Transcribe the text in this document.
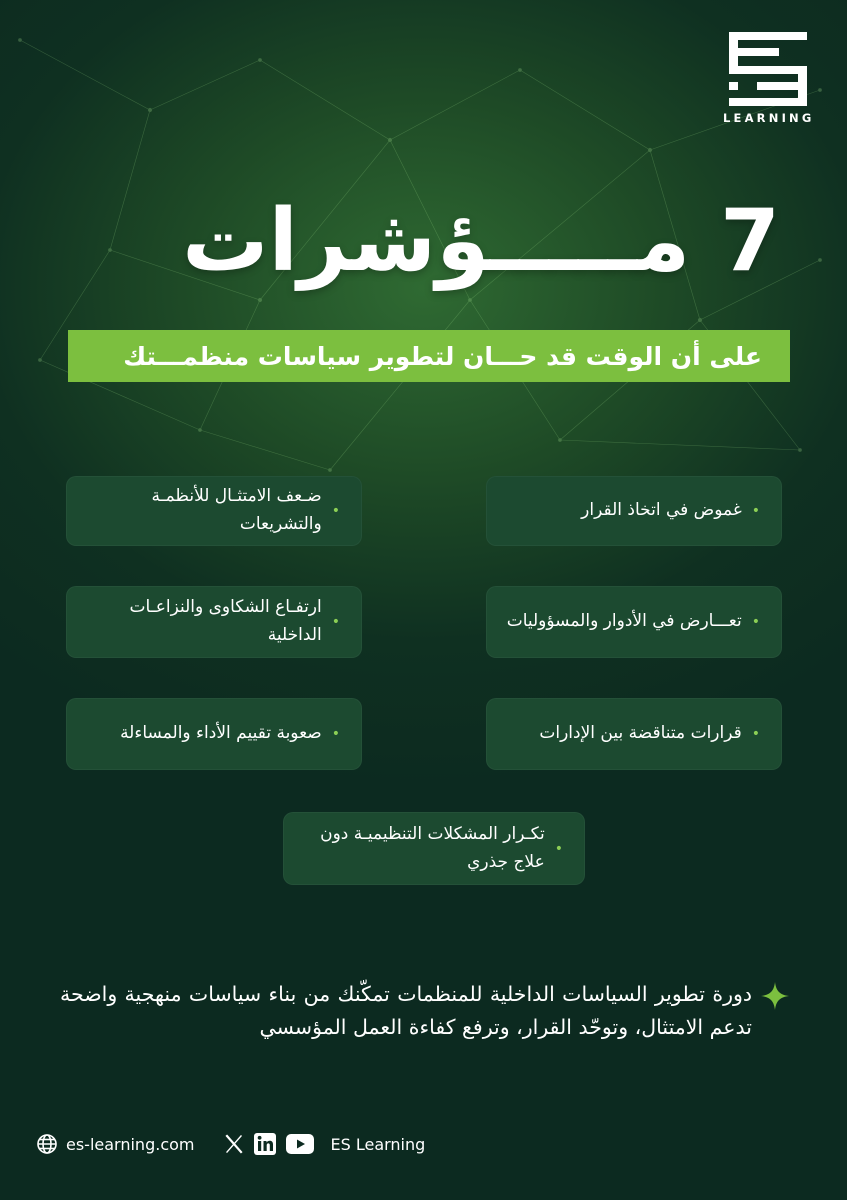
LEARNING
7 مـــــؤشرات
على أن الوقت قد حـــان لتطوير سياسات منظمـــتك
•
غموض في اتخاذ القرار
•
ضـعف الامتثـال للأنظمـة والتشريعات
•
تعـــارض في الأدوار والمسؤوليات
•
ارتفـاع الشكاوى والنزاعـات الداخلية
•
قرارات متناقضة بين الإدارات
•
صعوبة تقييم الأداء والمساءلة
•
تكـرار المشكلات التنظيميـة دون علاج جذري
دورة تطوير السياسات الداخلية للمنظمات تمكّنك من بناء سياسات منهجية واضحة تدعم الامتثال، وتوحّد القرار، وترفع كفاءة العمل المؤسسي
es-learning.com	ES Learning
